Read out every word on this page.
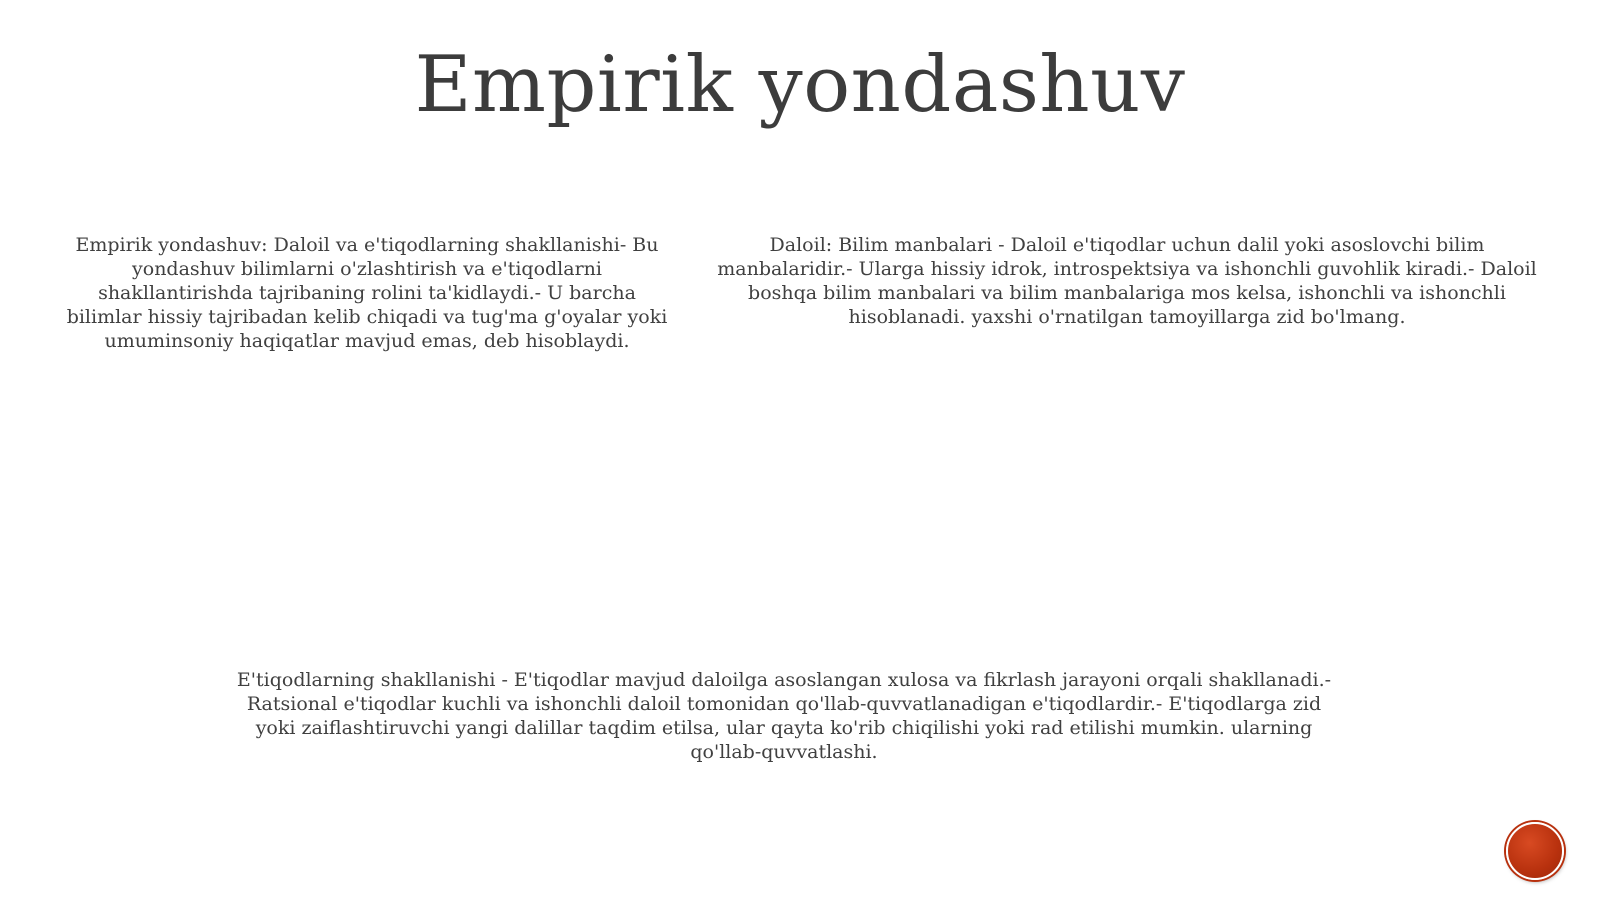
Empirik yondashuv

Empirik yondashuv: Daloil va e'tiqodlarning shakllanishi- Bu yondashuv bilimlarni o'zlashtirish va e'tiqodlarni shakllantirishda tajribaning rolini ta'kidlaydi.- U barcha bilimlar hissiy tajribadan kelib chiqadi va tug'ma g'oyalar yoki umuminsoniy haqiqatlar mavjud emas, deb hisoblaydi.

Daloil: Bilim manbalari - Daloil e'tiqodlar uchun dalil yoki asoslovchi bilim manbalaridir.- Ularga hissiy idrok, introspektsiya va ishonchli guvohlik kiradi.- Daloil boshqa bilim manbalari va bilim manbalariga mos kelsa, ishonchli va ishonchli hisoblanadi. yaxshi o'rnatilgan tamoyillarga zid bo'lmang.

E'tiqodlarning shakllanishi - E'tiqodlar mavjud daloilga asoslangan xulosa va fikrlash jarayoni orqali shakllanadi.- Ratsional e'tiqodlar kuchli va ishonchli daloil tomonidan qo'llab-quvvatlanadigan e'tiqodlardir.- E'tiqodlarga zid yoki zaiflashtiruvchi yangi dalillar taqdim etilsa, ular qayta ko'rib chiqilishi yoki rad etilishi mumkin. ularning qo'llab-quvvatlashi.
